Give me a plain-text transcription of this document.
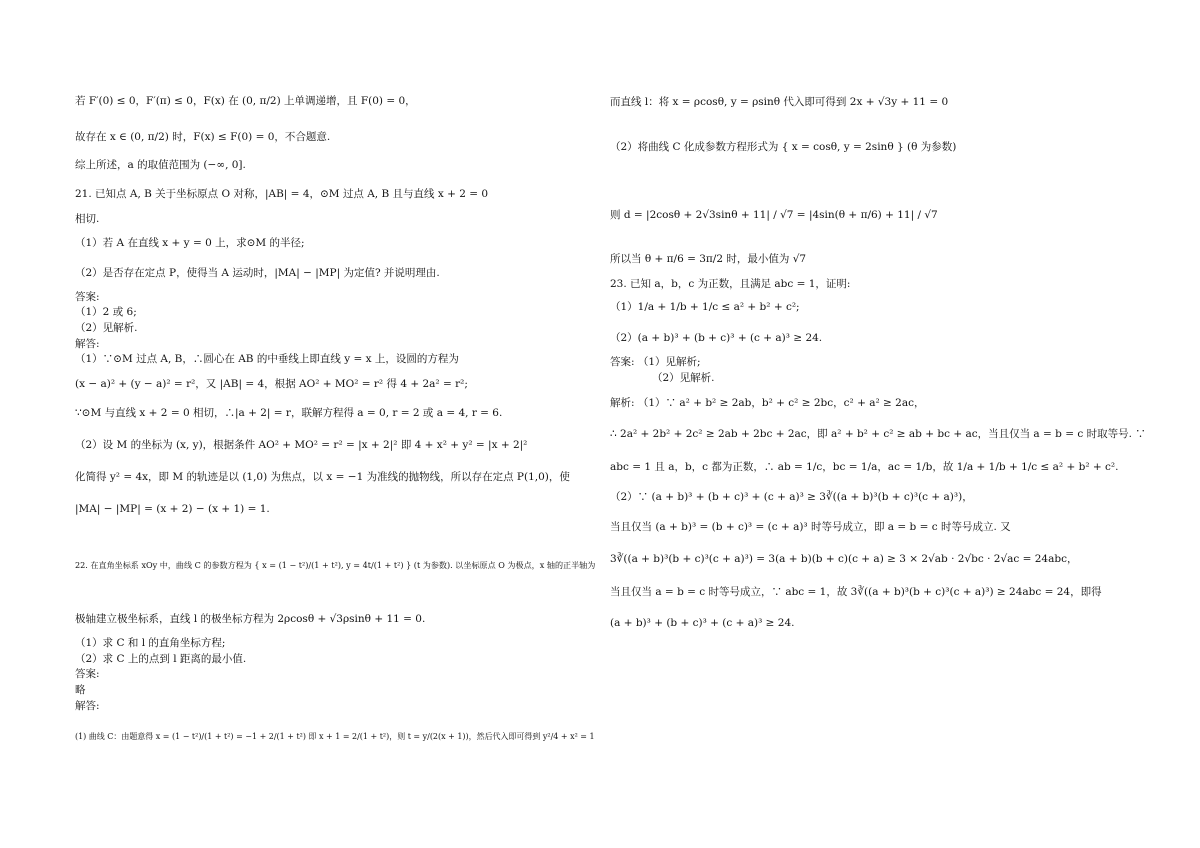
若 F′(0) ≤ 0，F′(π) ≤ 0，F(x) 在 (0, π/2) 上单调递增，且 F(0) = 0，
故存在 x ∈ (0, π/2) 时，F(x) ≤ F(0) = 0，不合题意.
综上所述，a 的取值范围为 (−∞, 0].
21. 已知点 A, B 关于坐标原点 O 对称，|AB| = 4，⊙M 过点 A, B 且与直线 x + 2 = 0
相切.
（1）若 A 在直线 x + y = 0 上，求⊙M 的半径;
（2）是否存在定点 P，使得当 A 运动时，|MA| − |MP| 为定值? 并说明理由.
答案:
（1）2 或 6;
（2）见解析.
解答:
（1）∵⊙M 过点 A, B，∴圆心在 AB 的中垂线上即直线 y = x 上，设圆的方程为
(x − a)² + (y − a)² = r²，又 |AB| = 4，根据 AO² + MO² = r² 得 4 + 2a² = r²;
∵⊙M 与直线 x + 2 = 0 相切，∴|a + 2| = r，联解方程得 a = 0, r = 2 或 a = 4, r = 6.
（2）设 M 的坐标为 (x, y)，根据条件 AO² + MO² = r² = |x + 2|² 即 4 + x² + y² = |x + 2|²
化简得 y² = 4x，即 M 的轨迹是以 (1,0) 为焦点，以 x = −1 为准线的抛物线，所以存在定点 P(1,0)，使
|MA| − |MP| = (x + 2) − (x + 1) = 1.
22. 在直角坐标系 xOy 中，曲线 C 的参数方程为 { x = (1 − t²)/(1 + t²), y = 4t/(1 + t²) } (t 为参数). 以坐标原点 O 为极点，x 轴的正半轴为
极轴建立极坐标系，直线 l 的极坐标方程为 2ρcosθ + √3ρsinθ + 11 = 0.
（1）求 C 和 l 的直角坐标方程;
（2）求 C 上的点到 l 距离的最小值.
答案:
略
解答:
(1) 曲线 C：由题意得 x = (1 − t²)/(1 + t²) = −1 + 2/(1 + t²) 即 x + 1 = 2/(1 + t²)，则 t = y/(2(x + 1))，然后代入即可得到 y²/4 + x² = 1
而直线 l：将 x = ρcosθ, y = ρsinθ 代入即可得到 2x + √3y + 11 = 0
（2）将曲线 C 化成参数方程形式为 { x = cosθ, y = 2sinθ } (θ 为参数)
则 d = |2cosθ + 2√3sinθ + 11| / √7 = |4sin(θ + π/6) + 11| / √7
所以当 θ + π/6 = 3π/2 时，最小值为 √7
23. 已知 a，b，c 为正数，且满足 abc = 1，证明:
（1）1/a + 1/b + 1/c ≤ a² + b² + c²;
（2）(a + b)³ + (b + c)³ + (c + a)³ ≥ 24.
答案: （1）见解析;
（2）见解析.
解析: （1）∵ a² + b² ≥ 2ab，b² + c² ≥ 2bc，c² + a² ≥ 2ac，
∴ 2a² + 2b² + 2c² ≥ 2ab + 2bc + 2ac，即 a² + b² + c² ≥ ab + bc + ac，当且仅当 a = b = c 时取等号. ∵
abc = 1 且 a，b，c 都为正数，∴ ab = 1/c，bc = 1/a，ac = 1/b，故 1/a + 1/b + 1/c ≤ a² + b² + c².
（2）∵ (a + b)³ + (b + c)³ + (c + a)³ ≥ 3∛((a + b)³(b + c)³(c + a)³)，
当且仅当 (a + b)³ = (b + c)³ = (c + a)³ 时等号成立，即 a = b = c 时等号成立. 又
3∛((a + b)³(b + c)³(c + a)³) = 3(a + b)(b + c)(c + a) ≥ 3 × 2√ab · 2√bc · 2√ac = 24abc，
当且仅当 a = b = c 时等号成立，∵ abc = 1，故 3∛((a + b)³(b + c)³(c + a)³) ≥ 24abc = 24，即得
(a + b)³ + (b + c)³ + (c + a)³ ≥ 24.
